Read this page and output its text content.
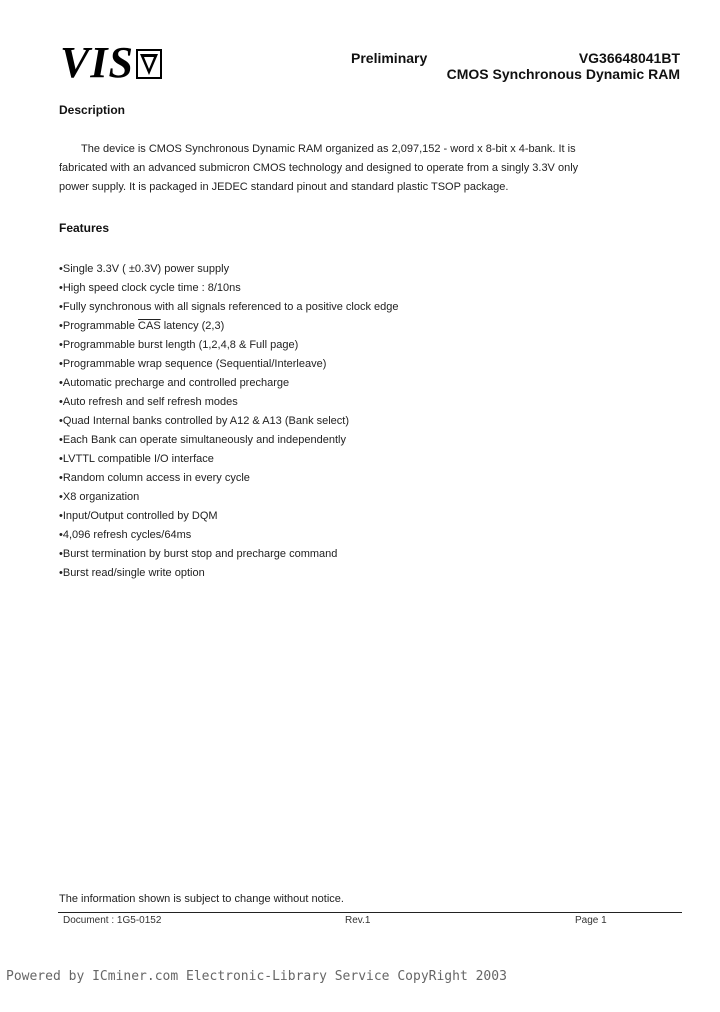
VIS	Preliminary	VG36648041BT
CMOS Synchronous Dynamic RAM
Description
The device is CMOS Synchronous Dynamic RAM organized as 2,097,152 - word x 8-bit x 4-bank. It is
fabricated with an advanced submicron CMOS technology and designed to operate from a singly 3.3V only
power supply. It is packaged in JEDEC standard pinout and standard plastic TSOP package.
Features
•Single 3.3V ( ±0.3V) power supply
•High speed clock cycle time : 8/10ns
•Fully synchronous with all signals referenced to a positive clock edge
•Programmable $\overline{CAS}$ latency (2,3)
•Programmable burst length (1,2,4,8 & Full page)
•Programmable wrap sequence (Sequential/Interleave)
•Automatic precharge and controlled precharge
•Auto refresh and self refresh modes
•Quad Internal banks controlled by A12 & A13 (Bank select)
•Each Bank can operate simultaneously and independently
•LVTTL compatible I/O interface
•Random column access in every cycle
•X8 organization
•Input/Output controlled by DQM
•4,096 refresh cycles/64ms
•Burst termination by burst stop and precharge command
•Burst read/single write option
The information shown is subject to change without notice.
Document : 1G5-0152	Rev.1	Page 1
Powered by ICminer.com Electronic-Library Service CopyRight 2003
